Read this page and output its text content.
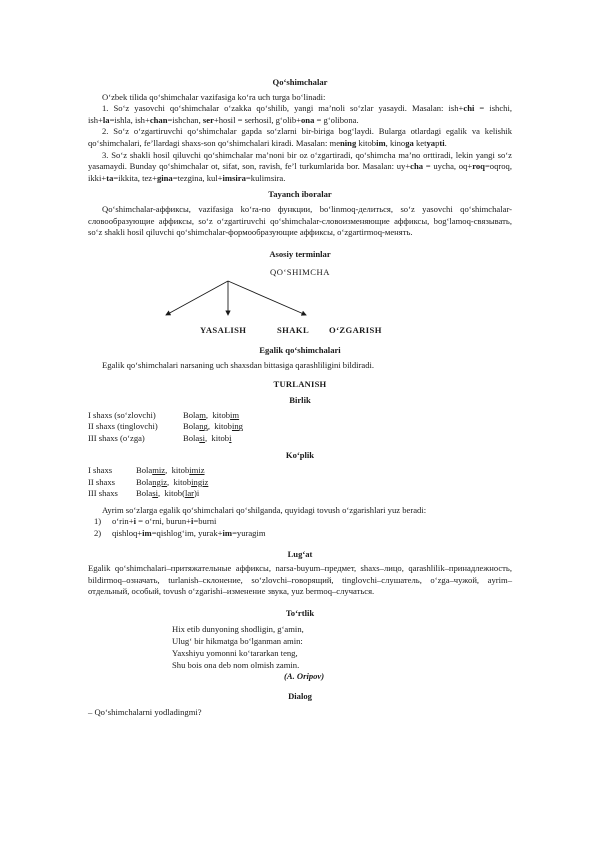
Qo‘shimchalar

O‘zbek tilida qo‘shimchalar vazifasiga ko‘ra uch turga bo‘linadi:

1. So‘z yasovchi qo‘shimchalar o‘zakka qo‘shilib, yangi ma’noli so‘zlar yasaydi. Masalan: ish+chi = ishchi, ish+la=ishla, ish+chan=ishchan, ser+hosil = serhosil, g‘olib+ona = g‘olibona.

2. So‘z o‘zgartiruvchi qo‘shimchalar gapda so‘zlarni bir-biriga bog‘laydi. Bularga otlardagi egalik va kelishik qo‘shimchalari, fe’llardagi shaxs-son qo‘shimchalari kiradi. Masalan: mening kitobim, kinoga ketyapti.

3. So‘z shakli hosil qiluvchi qo‘shimchalar ma’noni bir oz o‘zgartiradi, qo‘shimcha ma’no orttiradi, lekin yangi so‘z yasamaydi. Bunday qo‘shimchalar ot, sifat, son, ravish, fe’l turkumlarida bor. Masalan: uy+cha = uycha, oq+roq=oqroq, ikki+ta=ikkita, tez+gina=tezgina, kul+imsira=kulimsira.

Tayanch iboralar

Qo‘shimchalar-аффиксы, vazifasiga ko‘ra-по функции, bo‘linmoq-делиться, so‘z yasovchi qo‘shimchalar-словообразующие аффиксы, so‘z o‘zgartiruvchi qo‘shimchalar-словоизменяющие аффиксы, bog‘lamoq-связывать, so‘z shakli hosil qiluvchi qo‘shimchalar-формообразующие аффиксы, o‘zgartirmoq-менять.

Asosiy terminlar
QO‘SHIMCHA
YASALISH	SHAKL O‘ZGARISH
Egalik qo‘shimchalari

Egalik qo‘shimchalari narsaning uch shaxsdan bittasiga qarashliligini bildiradi.

TURLANISH
Birlik
I shaxs (so‘zlovchi)	Bolam,  kitobim
II shaxs (tinglovchi)	Bolang,  kitobing
III shaxs (o‘zga)	Bolasi,  kitobi
Ko‘plik
I shaxs	Bolamiz,  kitobimiz
II shaxs	Bolangiz,  kitobingiz
III shaxs	Bolasi,  kitob(lar)i

Ayrim so‘zlarga egalik qo‘shimchalari qo‘shilganda, quyidagi tovush o‘zgarishlari yuz beradi:

1)	o‘rin+i = o‘rni, burun+i=burni
2)	qishloq+im=qishlog‘im, yurak+im=yuragim
Lug‘at

Egalik qo‘shimchalari–притяжательные аффиксы, narsa-buyum–предмет, shaxs–лицо, qarashlilik–принадлежность, bildirmoq–означать, turlanish–склонение, so‘zlovchi–говорящий, tinglovchi–слушатель, o‘zga–чужой, ayrim–отдельный, особый, tovush o‘zgarishi–изменение звука, yuz bermoq–случаться.

To‘rtlik
Hix etib dunyoning shodligin, g‘amin,
Ulug‘ bir hikmatga bo‘lganman amin:
Yaxshiyu yomonni ko‘tararkan teng,
Shu bois ona deb nom olmish zamin.
(A. Oripov)
Dialog

– Qo‘shimchalarni yodladingmi?
